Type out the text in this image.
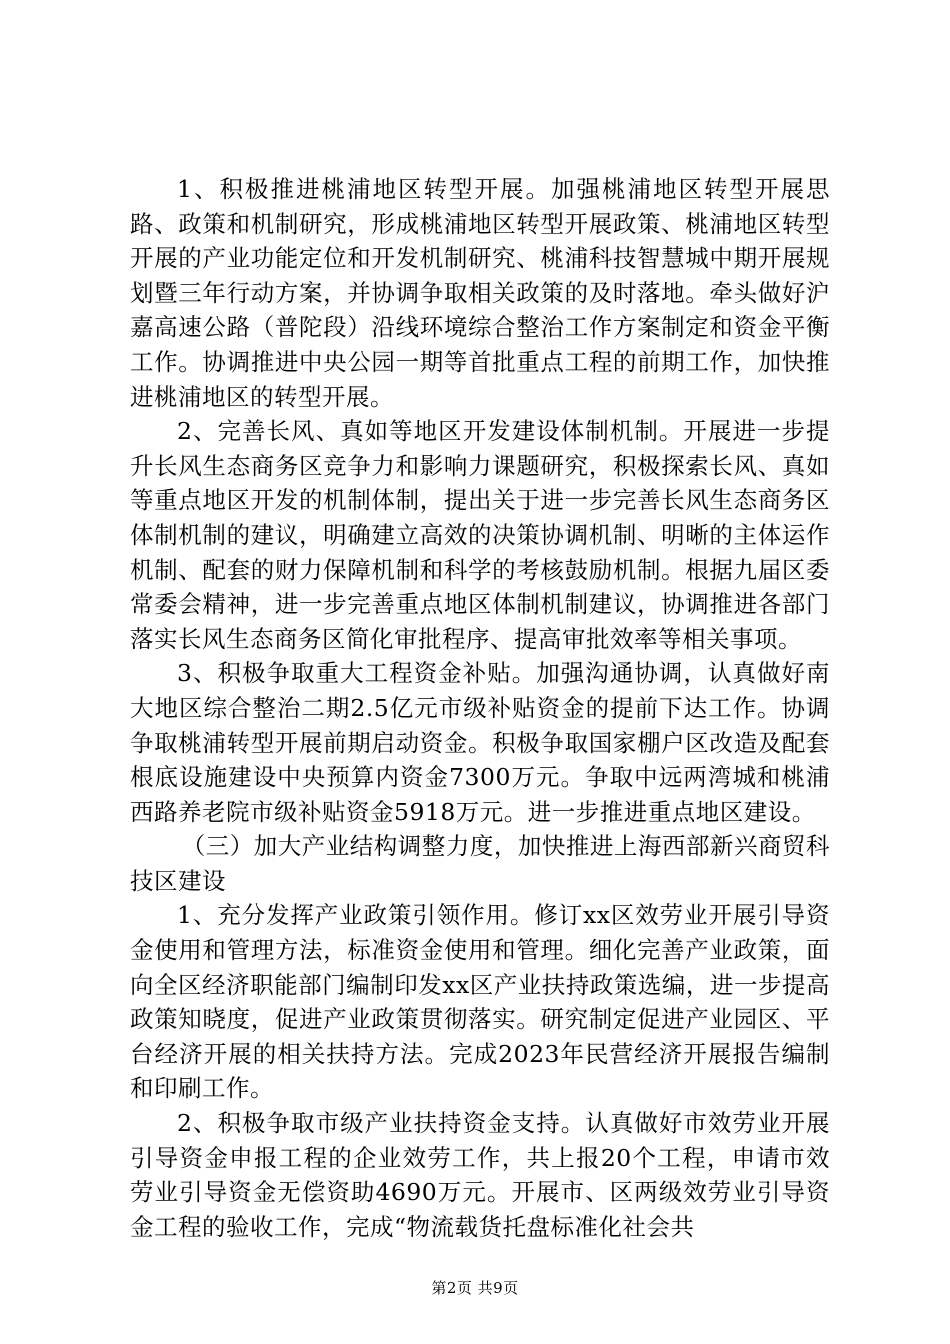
1、积极推进桃浦地区转型开展。加强桃浦地区转型开展思路、政策和机制研究，形成桃浦地区转型开展政策、桃浦地区转型开展的产业功能定位和开发机制研究、桃浦科技智慧城中期开展规划暨三年行动方案，并协调争取相关政策的及时落地。牵头做好沪嘉高速公路（普陀段）沿线环境综合整治工作方案制定和资金平衡工作。协调推进中央公园一期等首批重点工程的前期工作，加快推进桃浦地区的转型开展。

2、完善长风、真如等地区开发建设体制机制。开展进一步提升长风生态商务区竞争力和影响力课题研究，积极探索长风、真如等重点地区开发的机制体制，提出关于进一步完善长风生态商务区体制机制的建议，明确建立高效的决策协调机制、明晰的主体运作机制、配套的财力保障机制和科学的考核鼓励机制。根据九届区委常委会精神，进一步完善重点地区体制机制建议，协调推进各部门落实长风生态商务区简化审批程序、提高审批效率等相关事项。

3、积极争取重大工程资金补贴。加强沟通协调，认真做好南大地区综合整治二期2.5亿元市级补贴资金的提前下达工作。协调争取桃浦转型开展前期启动资金。积极争取国家棚户区改造及配套根底设施建设中央预算内资金7300万元。争取中远两湾城和桃浦西路养老院市级补贴资金5918万元。进一步推进重点地区建设。

（三）加大产业结构调整力度，加快推进上海西部新兴商贸科技区建设

1、充分发挥产业政策引领作用。修订xx区效劳业开展引导资金使用和管理方法，标准资金使用和管理。细化完善产业政策，面向全区经济职能部门编制印发xx区产业扶持政策选编，进一步提高政策知晓度，促进产业政策贯彻落实。研究制定促进产业园区、平台经济开展的相关扶持方法。完成2023年民营经济开展报告编制和印刷工作。

2、积极争取市级产业扶持资金支持。认真做好市效劳业开展引导资金申报工程的企业效劳工作，共上报20个工程，申请市效劳业引导资金无偿资助4690万元。开展市、区两级效劳业引导资金工程的验收工作，完成“物流载货托盘标准化社会共

第2页 共9页
